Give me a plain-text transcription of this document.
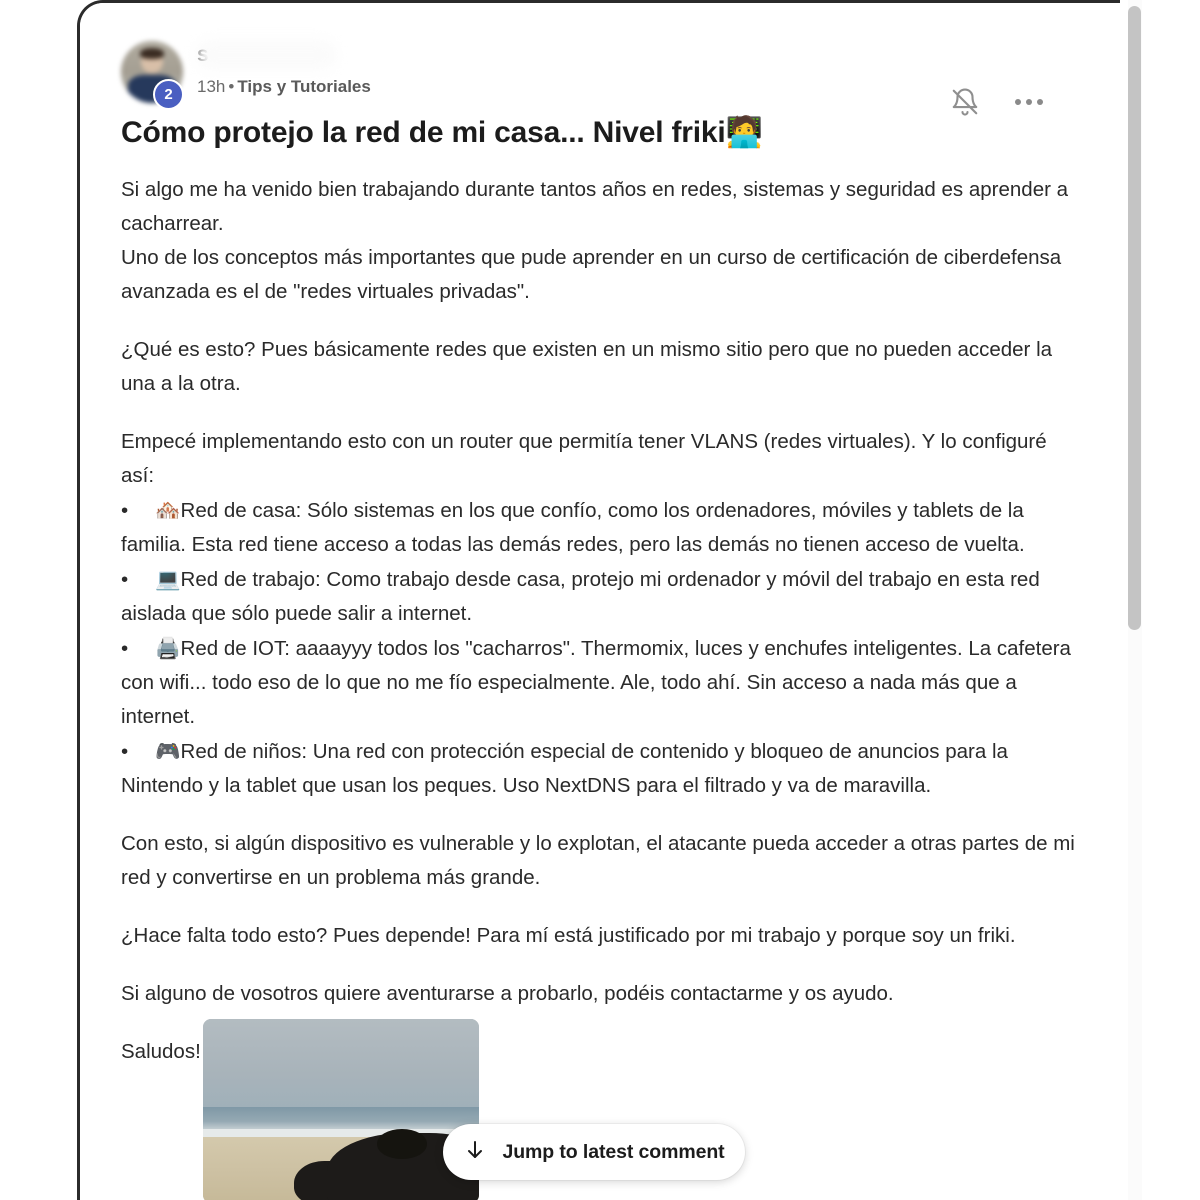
2	13h • Tips y Tutoriales
Cómo protejo la red de mi casa... Nivel friki🧑‍💻
Si algo me ha venido bien trabajando durante tantos años en redes, sistemas y seguridad es aprender a cacharrear.
Uno de los conceptos más importantes que pude aprender en un curso de certificación de ciberdefensa avanzada es el de "redes virtuales privadas".
¿Qué es esto? Pues básicamente redes que existen en un mismo sitio pero que no pueden acceder la una a la otra.
Empecé implementando esto con un router que permitía tener VLANS (redes virtuales). Y lo configuré así:
• 🏘️Red de casa: Sólo sistemas en los que confío, como los ordenadores, móviles y tablets de la familia. Esta red tiene acceso a todas las demás redes, pero las demás no tienen acceso de vuelta.
• 💻Red de trabajo: Como trabajo desde casa, protejo mi ordenador y móvil del trabajo en esta red aislada que sólo puede salir a internet.
• 🖨️Red de IOT: aaaayyy todos los "cacharros". Thermomix, luces y enchufes inteligentes. La cafetera con wifi... todo eso de lo que no me fío especialmente. Ale, todo ahí. Sin acceso a nada más que a internet.
• 🎮Red de niños: Una red con protección especial de contenido y bloqueo de anuncios para la Nintendo y la tablet que usan los peques. Uso NextDNS para el filtrado y va de maravilla.
Con esto, si algún dispositivo es vulnerable y lo explotan, el atacante pueda acceder a otras partes de mi red y convertirse en un problema más grande.
¿Hace falta todo esto? Pues depende! Para mí está justificado por mi trabajo y porque soy un friki.
Si alguno de vosotros quiere aventurarse a probarlo, podéis contactarme y os ayudo.
Saludos!
Jump to latest comment
